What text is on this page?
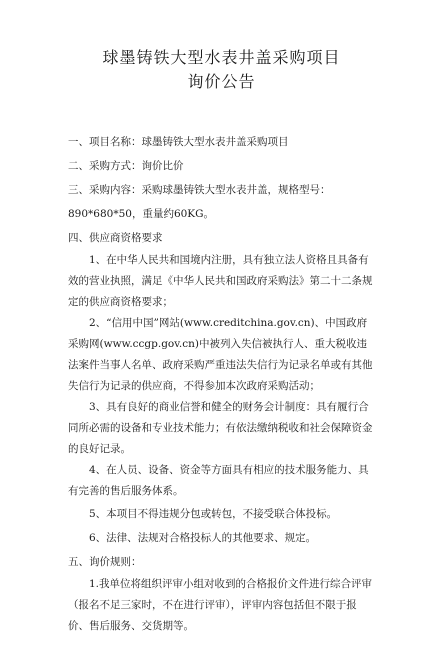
球墨铸铁大型水表井盖采购项目
询价公告

一、项目名称：球墨铸铁大型水表井盖采购项目

二、采购方式：询价比价

三、采购内容：采购球墨铸铁大型水表井盖，规格型号：

890*680*50，重量约60KG。

四、供应商资格要求

1、在中华人民共和国境内注册，具有独立法人资格且具备有效的营业执照，满足《中华人民共和国政府采购法》第二十二条规定的供应商资格要求；

2、“信用中国”网站(www.creditchina.gov.cn)、中国政府采购网(www.ccgp.gov.cn)中被列入失信被执行人、重大税收违法案件当事人名单、政府采购严重违法失信行为记录名单或有其他失信行为记录的供应商，不得参加本次政府采购活动；

3、具有良好的商业信誉和健全的财务会计制度：具有履行合同所必需的设备和专业技术能力；有依法缴纳税收和社会保障资金的良好记录。

4、在人员、设备、资金等方面具有相应的技术服务能力、具有完善的售后服务体系。

5、本项目不得违规分包或转包，不接受联合体投标。

6、法律、法规对合格投标人的其他要求、规定。

五、询价规则：

1.我单位将组织评审小组对收到的合格报价文件进行综合评审（报名不足三家时，不在进行评审），评审内容包括但不限于报价、售后服务、交货期等。
